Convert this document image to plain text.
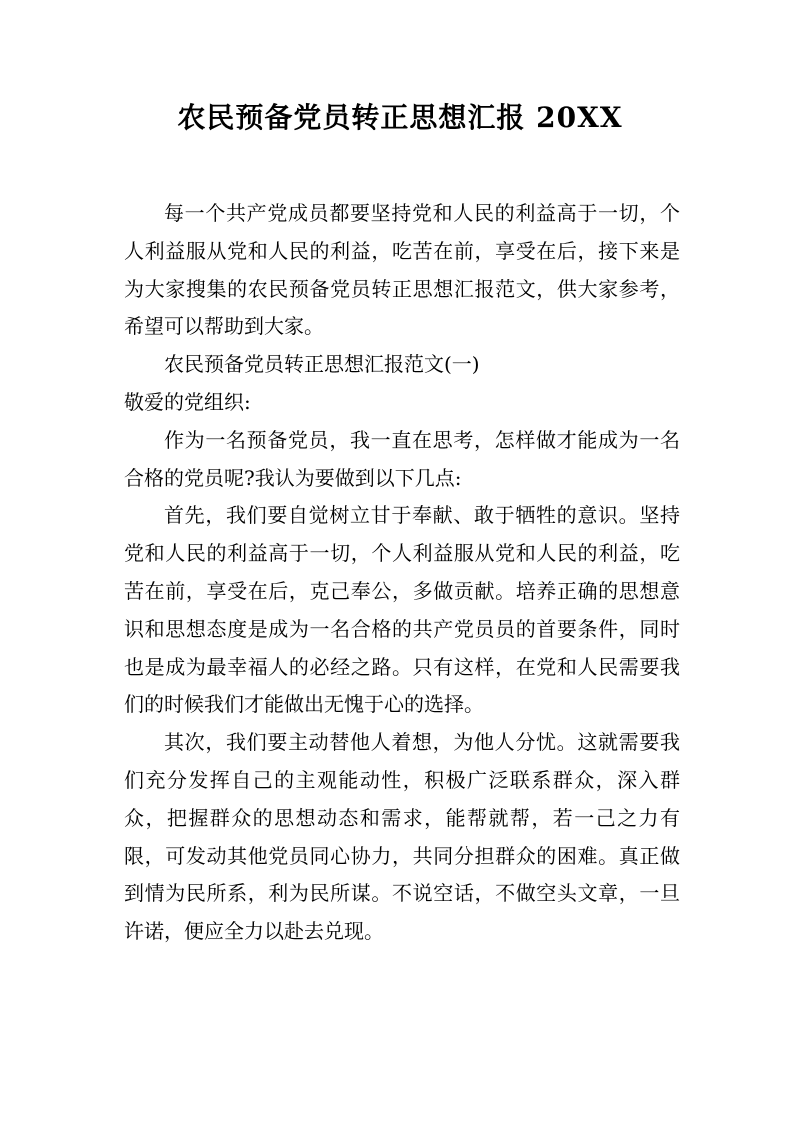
农民预备党员转正思想汇报 20XX

每一个共产党成员都要坚持党和人民的利益高于一切，个人利益服从党和人民的利益，吃苦在前，享受在后，接下来是为大家搜集的农民预备党员转正思想汇报范文，供大家参考，希望可以帮助到大家。

农民预备党员转正思想汇报范文(一)

敬爱的党组织:

作为一名预备党员，我一直在思考，怎样做才能成为一名合格的党员呢?我认为要做到以下几点:

首先，我们要自觉树立甘于奉献、敢于牺牲的意识。坚持党和人民的利益高于一切，个人利益服从党和人民的利益，吃苦在前，享受在后，克己奉公，多做贡献。培养正确的思想意识和思想态度是成为一名合格的共产党员员的首要条件，同时也是成为最幸福人的必经之路。只有这样，在党和人民需要我们的时候我们才能做出无愧于心的选择。

其次，我们要主动替他人着想，为他人分忧。这就需要我们充分发挥自己的主观能动性，积极广泛联系群众，深入群众，把握群众的思想动态和需求，能帮就帮，若一己之力有限，可发动其他党员同心协力，共同分担群众的困难。真正做到情为民所系，利为民所谋。不说空话，不做空头文章，一旦许诺，便应全力以赴去兑现。
